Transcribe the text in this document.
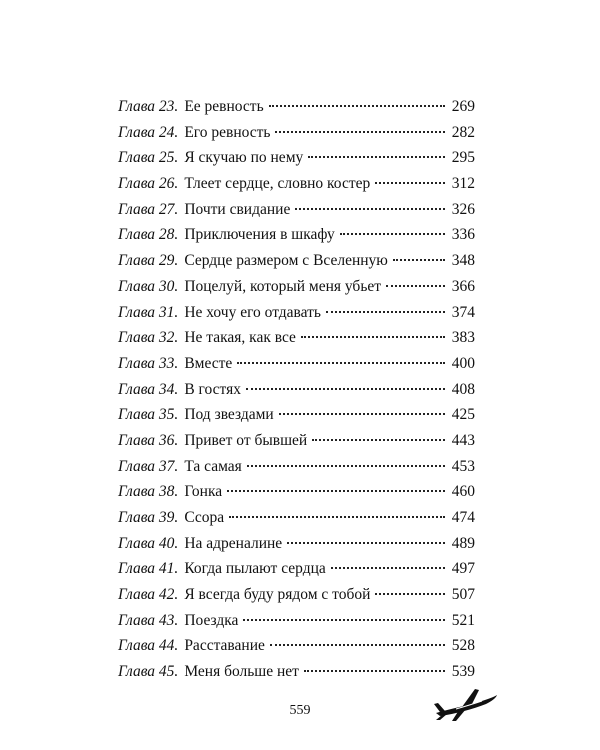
Глава 23. Ее ревность	269
Глава 24. Его ревность	282
Глава 25. Я скучаю по нему	295
Глава 26. Тлеет сердце, словно костер	312
Глава 27. Почти свидание	326
Глава 28. Приключения в шкафу	336
Глава 29. Сердце размером с Вселенную	348
Глава 30. Поцелуй, который меня убьет	366
Глава 31. Не хочу его отдавать	374
Глава 32. Не такая, как все	383
Глава 33. Вместе	400
Глава 34. В гостях	408
Глава 35. Под звездами	425
Глава 36. Привет от бывшей	443
Глава 37. Та самая	453
Глава 38. Гонка	460
Глава 39. Ссора	474
Глава 40. На адреналине	489
Глава 41. Когда пылают сердца	497
Глава 42. Я всегда буду рядом с тобой	507
Глава 43. Поездка	521
Глава 44. Расставание	528
Глава 45. Меня больше нет	539
559
